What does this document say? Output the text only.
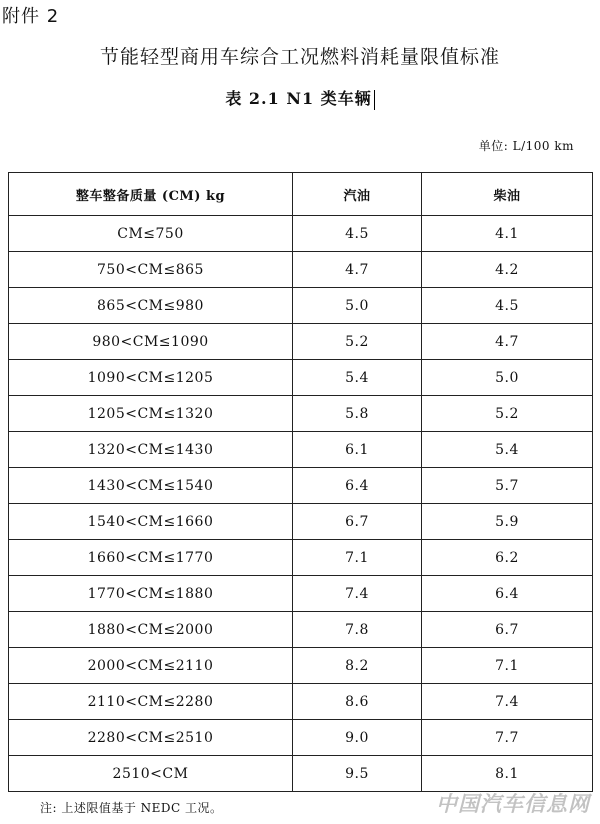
附件 2
节能轻型商用车综合工况燃料消耗量限值标准
表 2.1 N1 类车辆
单位: L/100 km
整车整备质量 (CM) kg	汽油	柴油
CM≤750	4.5	4.1
750<CM≤865	4.7	4.2
865<CM≤980	5.0	4.5
980<CM≤1090	5.2	4.7
1090<CM≤1205	5.4	5.0
1205<CM≤1320	5.8	5.2
1320<CM≤1430	6.1	5.4
1430<CM≤1540	6.4	5.7
1540<CM≤1660	6.7	5.9
1660<CM≤1770	7.1	6.2
1770<CM≤1880	7.4	6.4
1880<CM≤2000	7.8	6.7
2000<CM≤2110	8.2	7.1
2110<CM≤2280	8.6	7.4
2280<CM≤2510	9.0	7.7
2510<CM	9.5	8.1
注: 上述限值基于 NEDC 工况。	中国汽车信息网
